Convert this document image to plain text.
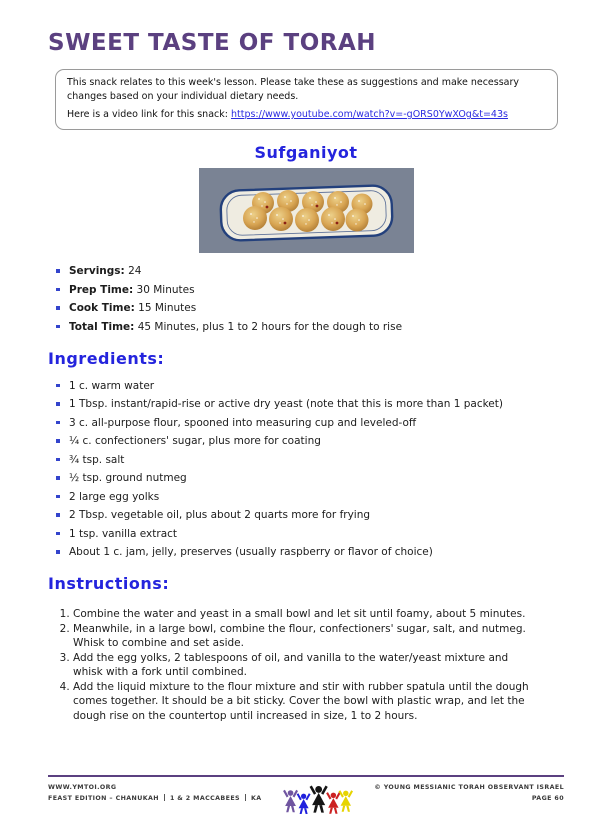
SWEET TASTE OF TORAH

This snack relates to this week's lesson. Please take these as suggestions and make necessary changes based on your individual dietary needs.

Here is a video link for this snack: https://www.youtube.com/watch?v=-gORS0YwXOg&t=43s

Sufganiyot
Servings: 24
Prep Time: 30 Minutes
Cook Time: 15 Minutes
Total Time: 45 Minutes, plus 1 to 2 hours for the dough to rise
Ingredients:
1 c. warm water
1 Tbsp. instant/rapid-rise or active dry yeast (note that this is more than 1 packet)
3 c. all-purpose flour, spooned into measuring cup and leveled-off
¼ c. confectioners' sugar, plus more for coating
¾ tsp. salt
½ tsp. ground nutmeg
2 large egg yolks
2 Tbsp. vegetable oil, plus about 2 quarts more for frying
1 tsp. vanilla extract
About 1 c. jam, jelly, preserves (usually raspberry or flavor of choice)
Instructions:
1. Combine the water and yeast in a small bowl and let sit until foamy, about 5 minutes.
2. Meanwhile, in a large bowl, combine the flour, confectioners' sugar, salt, and nutmeg. Whisk to combine and set aside.
3. Add the egg yolks, 2 tablespoons of oil, and vanilla to the water/yeast mixture and whisk with a fork until combined.
4. Add the liquid mixture to the flour mixture and stir with rubber spatula until the dough comes together. It should be a bit sticky. Cover the bowl with plastic wrap, and let the dough rise on the countertop until increased in size, 1 to 2 hours.
WWW.YMTOI.ORG
FEAST EDITION – CHANUKAH 1 & 2 MACCABEES KA
© YOUNG MESSIANIC TORAH OBSERVANT ISRAEL
PAGE 60
